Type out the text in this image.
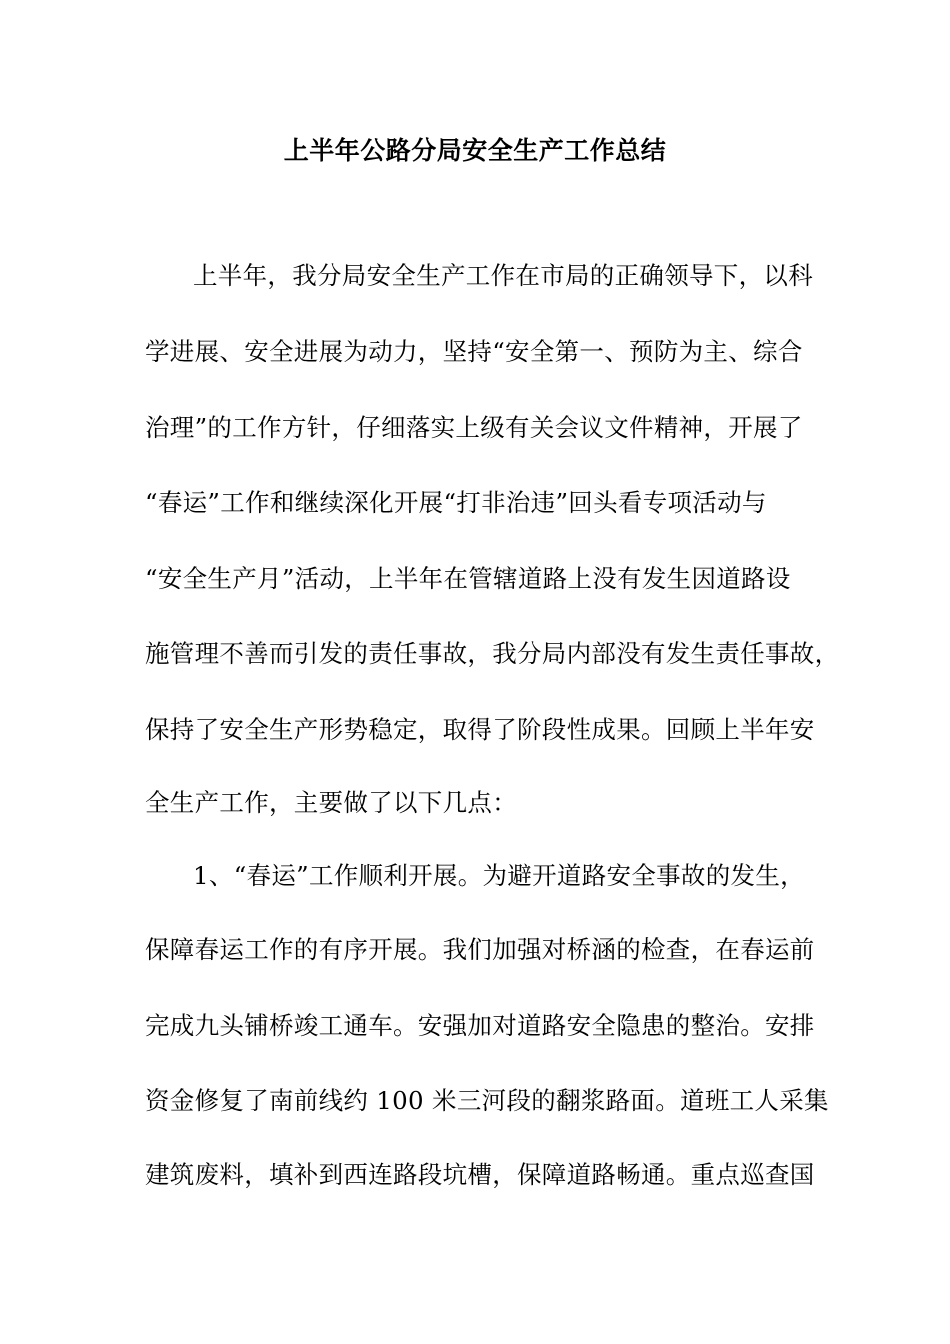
上半年公路分局安全生产工作总结
上半年，我分局安全生产工作在市局的正确领导下，以科
学进展、安全进展为动力，坚持“安全第一、预防为主、综合
治理”的工作方针，仔细落实上级有关会议文件精神，开展了
“春运”工作和继续深化开展“打非治违”回头看专项活动与
“安全生产月”活动，上半年在管辖道路上没有发生因道路设
施管理不善而引发的责任事故，我分局内部没有发生责任事故，
保持了安全生产形势稳定，取得了阶段性成果。回顾上半年安
全生产工作，主要做了以下几点：
1、“春运”工作顺利开展。为避开道路安全事故的发生，
保障春运工作的有序开展。我们加强对桥涵的检查，在春运前
完成九头铺桥竣工通车。安强加对道路安全隐患的整治。安排
资金修复了南前线约 100 米三河段的翻浆路面。道班工人采集
建筑废料，填补到西连路段坑槽，保障道路畅通。重点巡查国
